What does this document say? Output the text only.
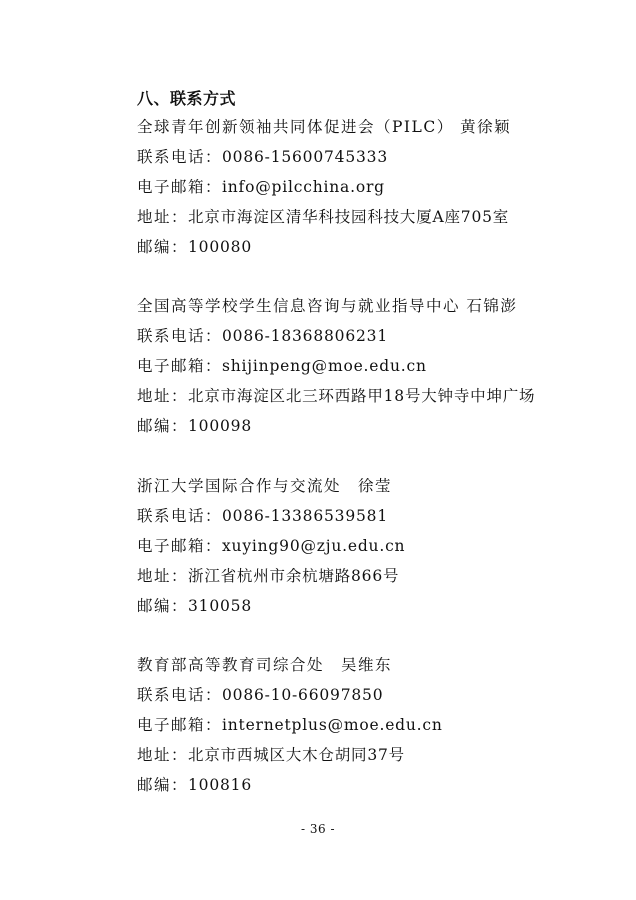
八、联系方式
全球青年创新领袖共同体促进会（PILC） 黄徐颖
联系电话：0086-15600745333
电子邮箱：info@pilcchina.org
地址：北京市海淀区清华科技园科技大厦A座705室
邮编：100080
全国高等学校学生信息咨询与就业指导中心 石锦澎
联系电话：0086-18368806231
电子邮箱：shijinpeng@moe.edu.cn
地址：北京市海淀区北三环西路甲18号大钟寺中坤广场
邮编：100098
浙江大学国际合作与交流处　徐莹
联系电话：0086-13386539581
电子邮箱：xuying90@zju.edu.cn
地址：浙江省杭州市余杭塘路866号
邮编：310058
教育部高等教育司综合处　吴维东
联系电话：0086-10-66097850
电子邮箱：internetplus@moe.edu.cn
地址：北京市西城区大木仓胡同37号
邮编：100816
- 36 -
